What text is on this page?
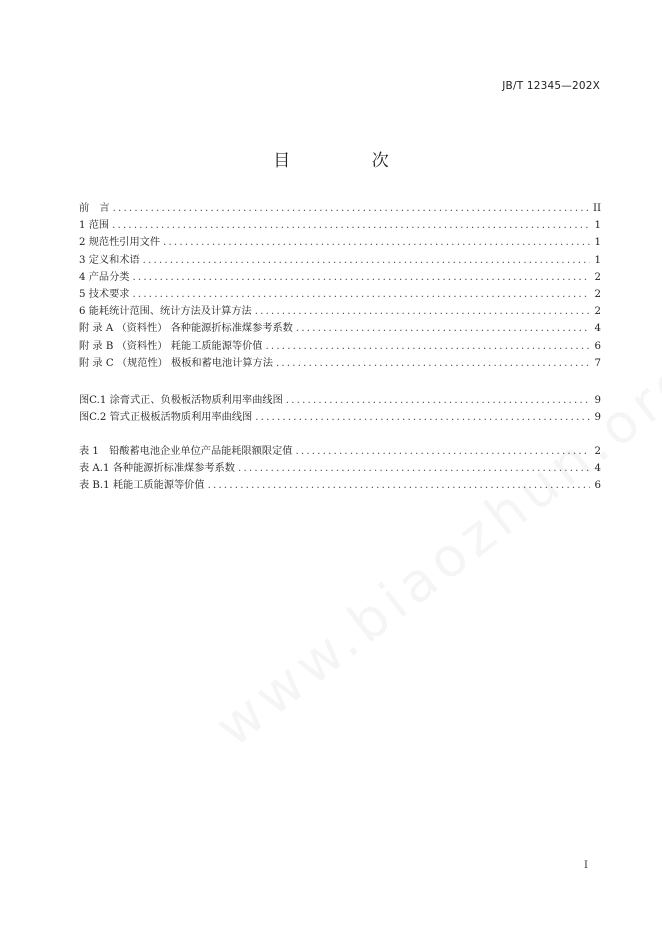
JB/T 12345—202X
目 次
前　言 .....	II
1 范围 .....	1
2 规范性引用文件 .....	1
3 定义和术语 .....	1
4 产品分类 .....	2
5 技术要求 .....	2
6 能耗统计范围、统计方法及计算方法 .....	2
附 录 A （资料性） 各种能源折标准煤参考系数 .....	4
附 录 B （资料性） 耗能工质能源等价值 .....	6
附 录 C （规范性） 极板和蓄电池计算方法 .....	7
图C.1 涂膏式正、负极板活物质利用率曲线图 .....	9
图C.2 管式正极板活物质利用率曲线图 .....	9
表 1　铅酸蓄电池企业单位产品能耗限额限定值 .....	2
表 A.1 各种能源折标准煤参考系数 .....	4
表 B.1 耗能工质能源等价值 .....	6
I
